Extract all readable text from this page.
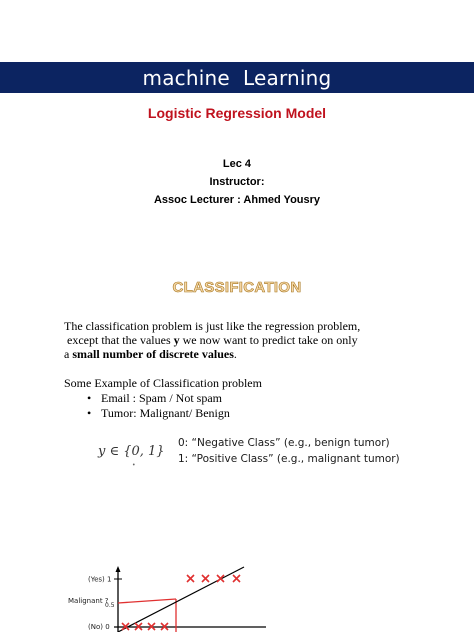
machine  Learning
Logistic Regression Model
Lec 4
Instructor:
Assoc Lecturer : Ahmed Yousry
CLASSIFICATION
The classification problem is just like the regression problem,
except that the values y we now want to predict take on only
a small number of discrete values.
Some Example of Classification problem
• Email : Spam / Not spam
• Tumor: Malignant/ Benign
y ∈ {0, 1}
•
0: “Negative Class” (e.g., benign tumor)
1: “Positive Class” (e.g., malignant tumor)
(Yes) 1
Malignant ?
0.5
(No) 0
